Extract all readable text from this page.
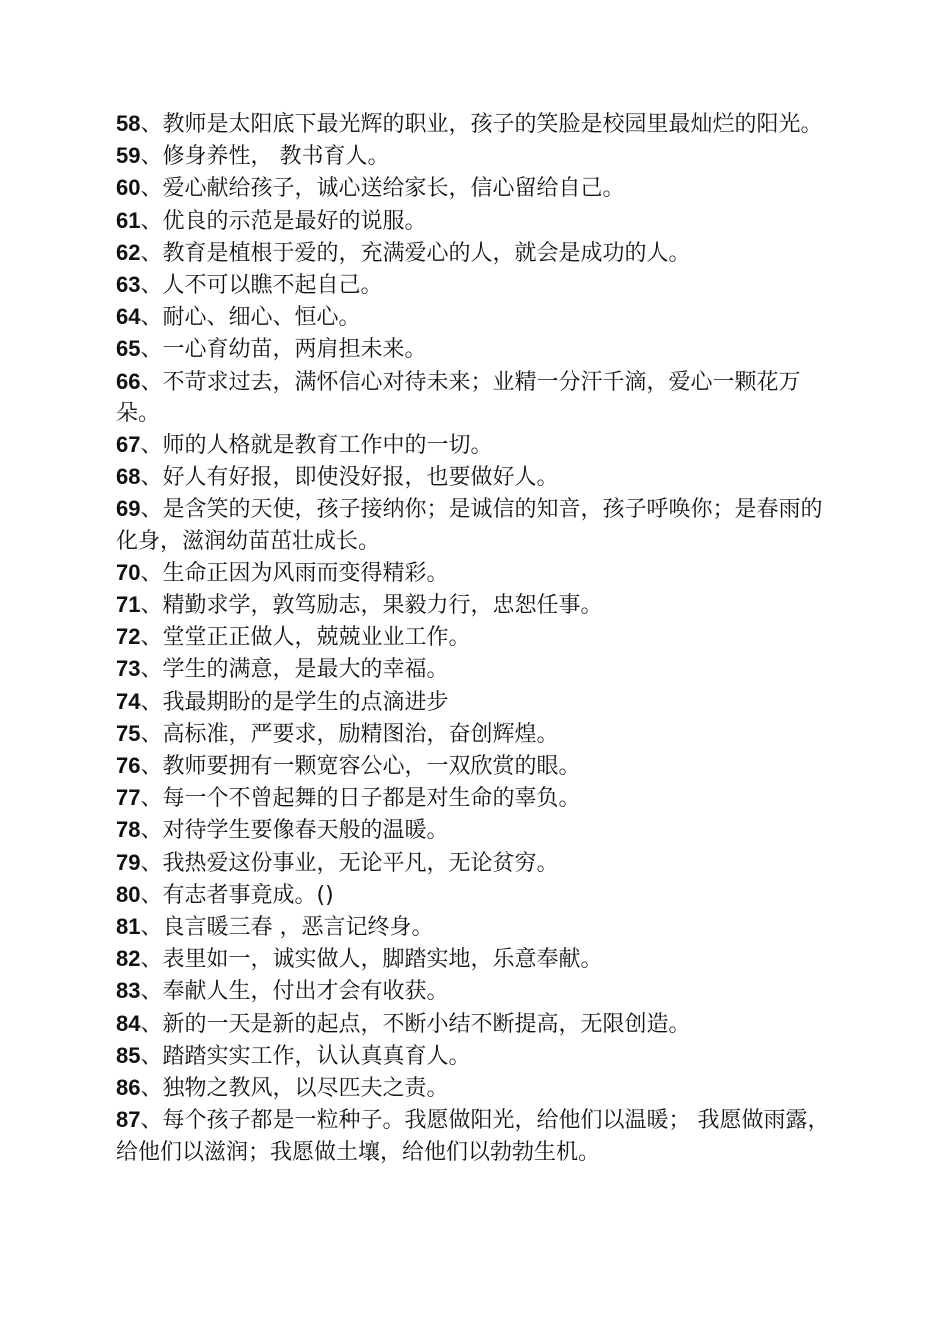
58、教师是太阳底下最光辉的职业，孩子的笑脸是校园里最灿烂的阳光。

59、修身养性， 教书育人。

60、爱心献给孩子，诚心送给家长，信心留给自己。

61、优良的示范是最好的说服。

62、教育是植根于爱的，充满爱心的人，就会是成功的人。

63、人不可以瞧不起自己。

64、耐心、细心、恒心。

65、一心育幼苗，两肩担未来。

66、不苛求过去，满怀信心对待未来；业精一分汗千滴，爱心一颗花万朵。

67、师的人格就是教育工作中的一切。

68、好人有好报，即使没好报，也要做好人。

69、是含笑的天使，孩子接纳你；是诚信的知音，孩子呼唤你；是春雨的化身，滋润幼苗茁壮成长。

70、生命正因为风雨而变得精彩。

71、精勤求学，敦笃励志，果毅力行，忠恕任事。

72、堂堂正正做人，兢兢业业工作。

73、学生的满意，是最大的幸福。

74、我最期盼的是学生的点滴进步

75、高标准，严要求，励精图治，奋创辉煌。

76、教师要拥有一颗宽容公心，一双欣赏的眼。

77、每一个不曾起舞的日子都是对生命的辜负。

78、对待学生要像春天般的温暖。

79、我热爱这份事业，无论平凡，无论贫穷。

80、有志者事竟成。()

81、良言暖三春 ，恶言记终身。

82、表里如一，诚实做人，脚踏实地，乐意奉献。

83、奉献人生，付出才会有收获。

84、新的一天是新的起点，不断小结不断提高，无限创造。

85、踏踏实实工作，认认真真育人。

86、独物之教风，以尽匹夫之责。

87、每个孩子都是一粒种子。我愿做阳光，给他们以温暖； 我愿做雨露， 给他们以滋润；我愿做土壤，给他们以勃勃生机。
